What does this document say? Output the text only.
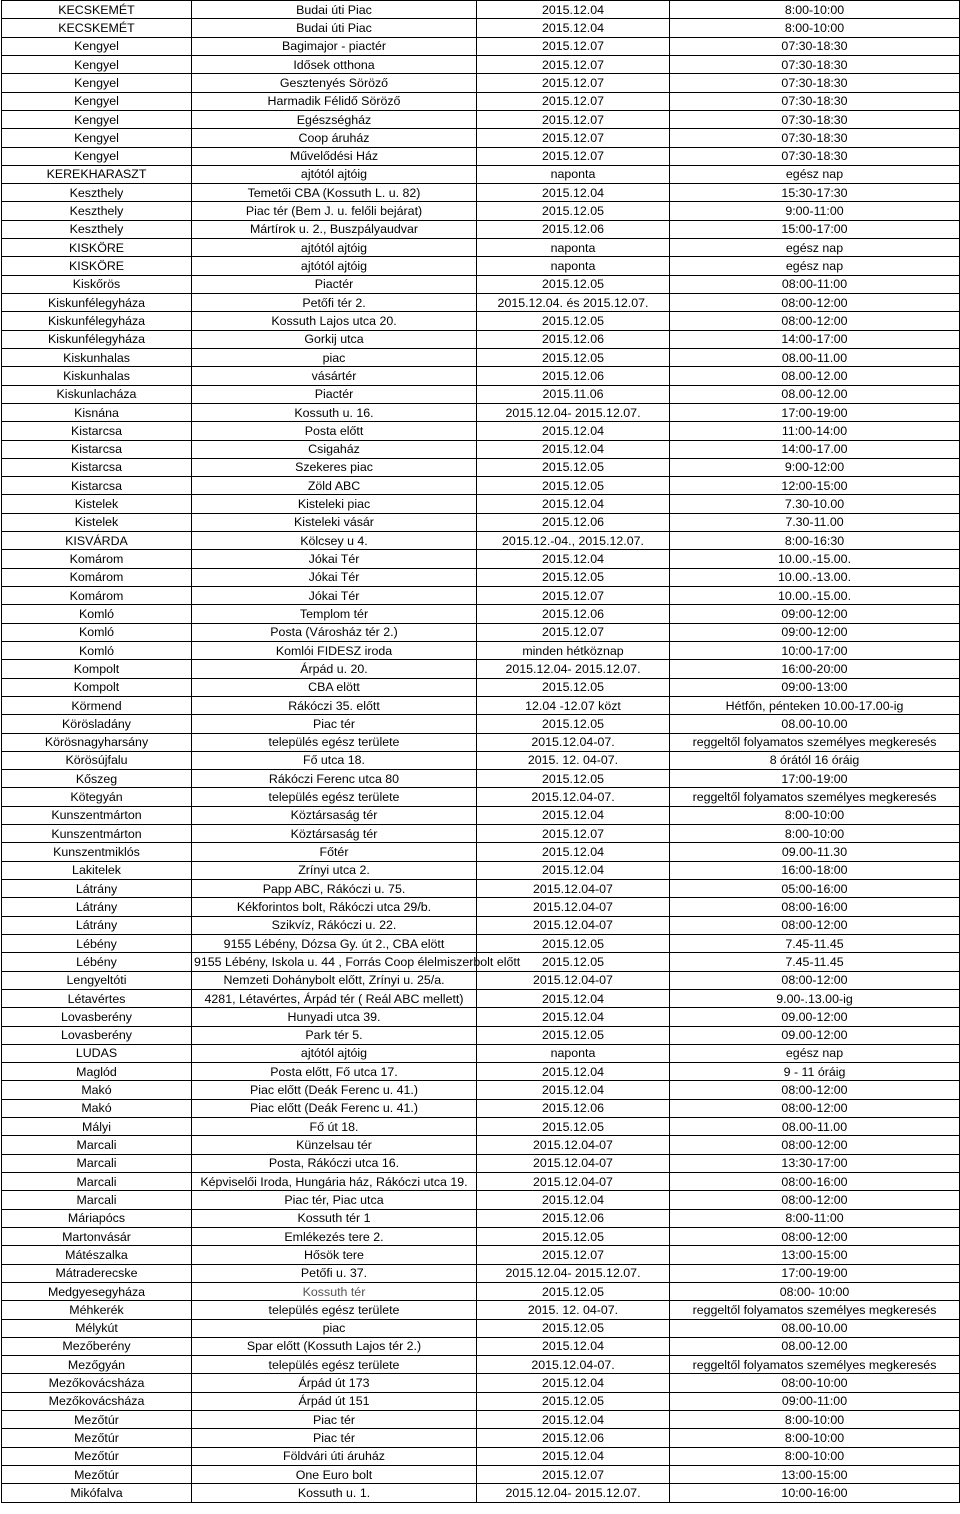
KECSKEMÉT	Budai úti Piac	2015.12.04	8:00-10:00
KECSKEMÉT	Budai úti Piac	2015.12.04	8:00-10:00
Kengyel	Bagimajor - piactér	2015.12.07	07:30-18:30
Kengyel	Idősek otthona	2015.12.07	07:30-18:30
Kengyel	Gesztenyés Söröző	2015.12.07	07:30-18:30
Kengyel	Harmadik Félidő Söröző	2015.12.07	07:30-18:30
Kengyel	Egészségház	2015.12.07	07:30-18:30
Kengyel	Coop áruház	2015.12.07	07:30-18:30
Kengyel	Művelődési Ház	2015.12.07	07:30-18:30
KEREKHARASZT	ajtótól ajtóig	naponta	egész nap
Keszthely	Temetői CBA (Kossuth L. u. 82)	2015.12.04	15:30-17:30
Keszthely	Piac tér (Bem J. u. felőli bejárat)	2015.12.05	9:00-11:00
Keszthely	Mártírok u. 2., Buszpályaudvar	2015.12.06	15:00-17:00
KISKÖRE	ajtótól ajtóig	naponta	egész nap
KISKÖRE	ajtótól ajtóig	naponta	egész nap
Kiskőrös	Piactér	2015.12.05	08:00-11:00
Kiskunfélegyháza	Petőfi tér 2.	2015.12.04. és 2015.12.07.	08:00-12:00
Kiskunfélegyháza	Kossuth Lajos utca 20.	2015.12.05	08:00-12:00
Kiskunfélegyháza	Gorkij utca	2015.12.06	14:00-17:00
Kiskunhalas	piac	2015.12.05	08.00-11.00
Kiskunhalas	vásártér	2015.12.06	08.00-12.00
Kiskunlacháza	Piactér	2015.11.06	08.00-12.00
Kisnána	Kossuth u. 16.	2015.12.04- 2015.12.07.	17:00-19:00
Kistarcsa	Posta előtt	2015.12.04	11:00-14:00
Kistarcsa	Csigaház	2015.12.04	14:00-17.00
Kistarcsa	Szekeres piac	2015.12.05	9:00-12:00
Kistarcsa	Zöld ABC	2015.12.05	12:00-15:00
Kistelek	Kisteleki piac	2015.12.04	7.30-10.00
Kistelek	Kisteleki vásár	2015.12.06	7.30-11.00
KISVÁRDA	Kölcsey u 4.	2015.12.-04., 2015.12.07.	8:00-16:30
Komárom	Jókai Tér	2015.12.04	10.00.-15.00.
Komárom	Jókai Tér	2015.12.05	10.00.-13.00.
Komárom	Jókai Tér	2015.12.07	10.00.-15.00.
Komló	Templom tér	2015.12.06	09:00-12:00
Komló	Posta (Városház tér 2.)	2015.12.07	09:00-12:00
Komló	Komlói FIDESZ iroda	minden hétköznap	10:00-17:00
Kompolt	Árpád u. 20.	2015.12.04- 2015.12.07.	16:00-20:00
Kompolt	CBA elött	2015.12.05	09:00-13:00
Körmend	Rákóczi 35. előtt	12.04 -12.07 közt	Hétfőn, pénteken 10.00-17.00-ig
Körösladány	Piac tér	2015.12.05	08.00-10.00
Körösnagyharsány	település egész területe	2015.12.04-07.	reggeltől folyamatos személyes megkeresés
Körösújfalu	Fő utca 18.	2015. 12. 04-07.	8 órától 16 óráig
Kőszeg	Rákóczi Ferenc utca 80	2015.12.05	17:00-19:00
Kötegyán	település egész területe	2015.12.04-07.	reggeltől folyamatos személyes megkeresés
Kunszentmárton	Köztársaság tér	2015.12.04	8:00-10:00
Kunszentmárton	Köztársaság tér	2015.12.07	8:00-10:00
Kunszentmiklós	Főtér	2015.12.04	09.00-11.30
Lakitelek	Zrínyi utca 2.	2015.12.04	16:00-18:00
Látrány	Papp ABC, Rákóczi u. 75.	2015.12.04-07	05:00-16:00
Látrány	Kékforintos bolt, Rákóczi utca 29/b.	2015.12.04-07	08:00-16:00
Látrány	Szikvíz, Rákóczi u. 22.	2015.12.04-07	08:00-12:00
Lébény	9155 Lébény, Dózsa Gy. út 2., CBA elött	2015.12.05	7.45-11.45
Lébény	9155 Lébény, Iskola u. 44 , Forrás Coop élelmiszerbolt előtt	2015.12.05	7.45-11.45
Lengyeltóti	Nemzeti Dohánybolt előtt, Zrínyi u. 25/a.	2015.12.04-07	08:00-12:00
Létavértes	4281, Létavértes, Árpád tér ( Reál ABC mellett)	2015.12.04	9.00-.13.00-ig
Lovasberény	Hunyadi utca 39.	2015.12.04	09.00-12:00
Lovasberény	Park tér 5.	2015.12.05	09.00-12:00
LUDAS	ajtótól ajtóig	naponta	egész nap
Maglód	Posta előtt, Fő utca 17.	2015.12.04	9 - 11 óráig
Makó	Piac előtt (Deák Ferenc u. 41.)	2015.12.04	08:00-12:00
Makó	Piac előtt (Deák Ferenc u. 41.)	2015.12.06	08:00-12:00
Mályi	Fő út 18.	2015.12.05	08.00-11.00
Marcali	Künzelsau tér	2015.12.04-07	08:00-12:00
Marcali	Posta, Rákóczi utca 16.	2015.12.04-07	13:30-17:00
Marcali	Képviselői Iroda, Hungária ház, Rákóczi utca 19.	2015.12.04-07	08:00-16:00
Marcali	Piac tér, Piac utca	2015.12.04	08:00-12:00
Máriapócs	Kossuth tér 1	2015.12.06	8:00-11:00
Martonvásár	Emlékezés tere 2.	2015.12.05	08:00-12:00
Mátészalka	Hősök tere	2015.12.07	13:00-15:00
Mátraderecske	Petőfi u. 37.	2015.12.04- 2015.12.07.	17:00-19:00
Medgyesegyháza	Kossuth tér	2015.12.05	08:00- 10:00
Méhkerék	település egész területe	2015. 12. 04-07.	reggeltől folyamatos személyes megkeresés
Mélykút	piac	2015.12.05	08.00-10.00
Mezőberény	Spar előtt (Kossuth Lajos tér 2.)	2015.12.04	08.00-12.00
Mezőgyán	település egész területe	2015.12.04-07.	reggeltől folyamatos személyes megkeresés
Mezőkovácsháza	Árpád út 173	2015.12.04	08:00-10:00
Mezőkovácsháza	Árpád út 151	2015.12.05	09:00-11:00
Mezőtúr	Piac tér	2015.12.04	8:00-10:00
Mezőtúr	Piac tér	2015.12.06	8:00-10:00
Mezőtúr	Földvári úti áruház	2015.12.04	8:00-10:00
Mezőtúr	One Euro bolt	2015.12.07	13:00-15:00
Mikófalva	Kossuth u. 1.	2015.12.04- 2015.12.07.	10:00-16:00
